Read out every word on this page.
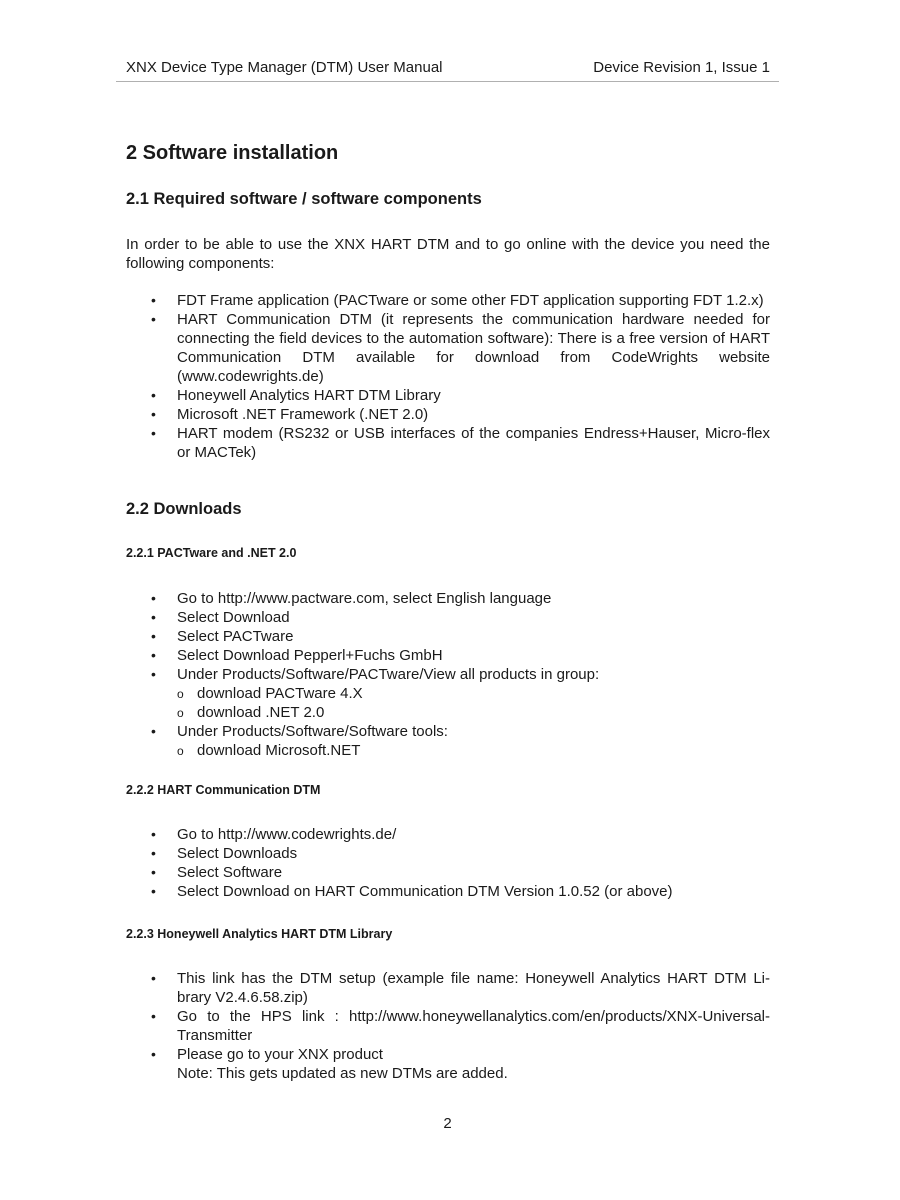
XNX Device Type Manager (DTM) User Manual	Device Revision 1, Issue 1
2 Software installation
2.1 Required software / software components
In order to be able to use the XNX HART DTM and to go online with the device you need the following components:
• FDT Frame application (PACTware or some other FDT application supporting FDT 1.2.x)
• HART Communication DTM (it represents the communication hardware needed for connecting the field devices to the automation software): There is a free version of HART Communication DTM available for download from CodeWrights website (www.codewrights.de)
• Honeywell Analytics HART DTM Library
• Microsoft .NET Framework (.NET 2.0)
• HART modem (RS232 or USB interfaces of the companies Endress+Hauser, Micro-flex or MACTek)
2.2 Downloads
2.2.1 PACTware and .NET 2.0
• Go to http://www.pactware.com, select English language
• Select Download
• Select PACTware
• Select Download Pepperl+Fuchs GmbH
• Under Products/Software/PACTware/View all products in group:
o download PACTware 4.X
o download .NET 2.0
• Under Products/Software/Software tools:
o download Microsoft.NET
2.2.2 HART Communication DTM
• Go to http://www.codewrights.de/
• Select Downloads
• Select Software
• Select Download on HART Communication DTM Version 1.0.52 (or above)
2.2.3 Honeywell Analytics HART DTM Library
• This link has the DTM setup (example file name: Honeywell Analytics HART DTM Li-brary V2.4.6.58.zip)
• Go to the HPS link : http://www.honeywellanalytics.com/en/products/XNX-Universal-Transmitter
• Please go to your XNX product
Note: This gets updated as new DTMs are added.
2
